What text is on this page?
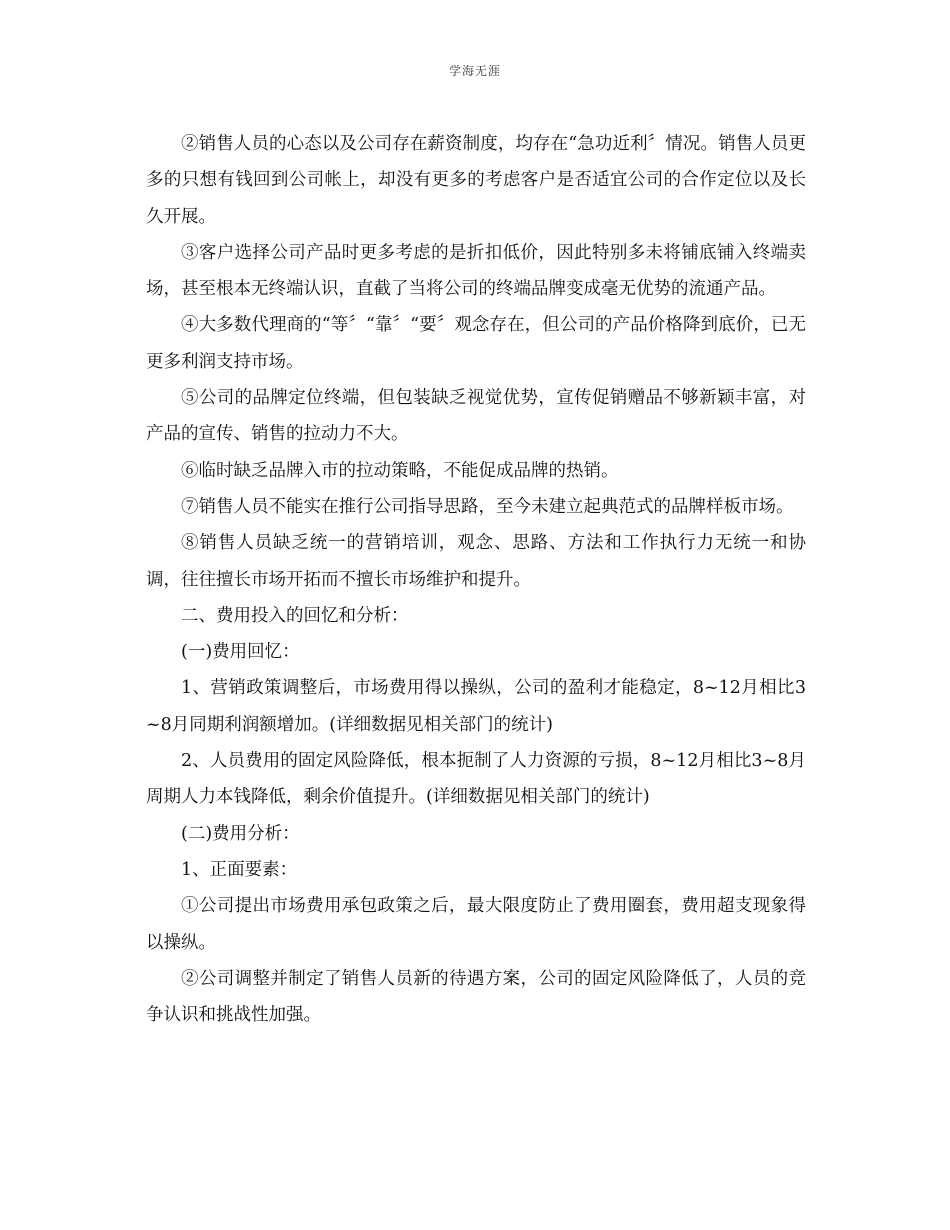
学海无涯

②销售人员的心态以及公司存在薪资制度，均存在“急功近利〞情况。销售人员更多的只想有钱回到公司帐上，却没有更多的考虑客户是否适宜公司的合作定位以及长久开展。

③客户选择公司产品时更多考虑的是折扣低价，因此特别多未将铺底铺入终端卖场，甚至根本无终端认识，直截了当将公司的终端品牌变成毫无优势的流通产品。

④大多数代理商的“等〞“靠〞“要〞观念存在，但公司的产品价格降到底价，已无更多利润支持市场。

⑤公司的品牌定位终端，但包装缺乏视觉优势，宣传促销赠品不够新颖丰富，对产品的宣传、销售的拉动力不大。

⑥临时缺乏品牌入市的拉动策略，不能促成品牌的热销。

⑦销售人员不能实在推行公司指导思路，至今未建立起典范式的品牌样板市场。

⑧销售人员缺乏统一的营销培训，观念、思路、方法和工作执行力无统一和协调，往往擅长市场开拓而不擅长市场维护和提升。

二、费用投入的回忆和分析：

(一)费用回忆：

1、营销政策调整后，市场费用得以操纵，公司的盈利才能稳定，8~12月相比3~8月同期利润额增加。(详细数据见相关部门的统计)

2、人员费用的固定风险降低，根本扼制了人力资源的亏损，8~12月相比3~8月周期人力本钱降低，剩余价值提升。(详细数据见相关部门的统计)

(二)费用分析：

1、正面要素：

①公司提出市场费用承包政策之后，最大限度防止了费用圈套，费用超支现象得以操纵。

②公司调整并制定了销售人员新的待遇方案，公司的固定风险降低了，人员的竞争认识和挑战性加强。
